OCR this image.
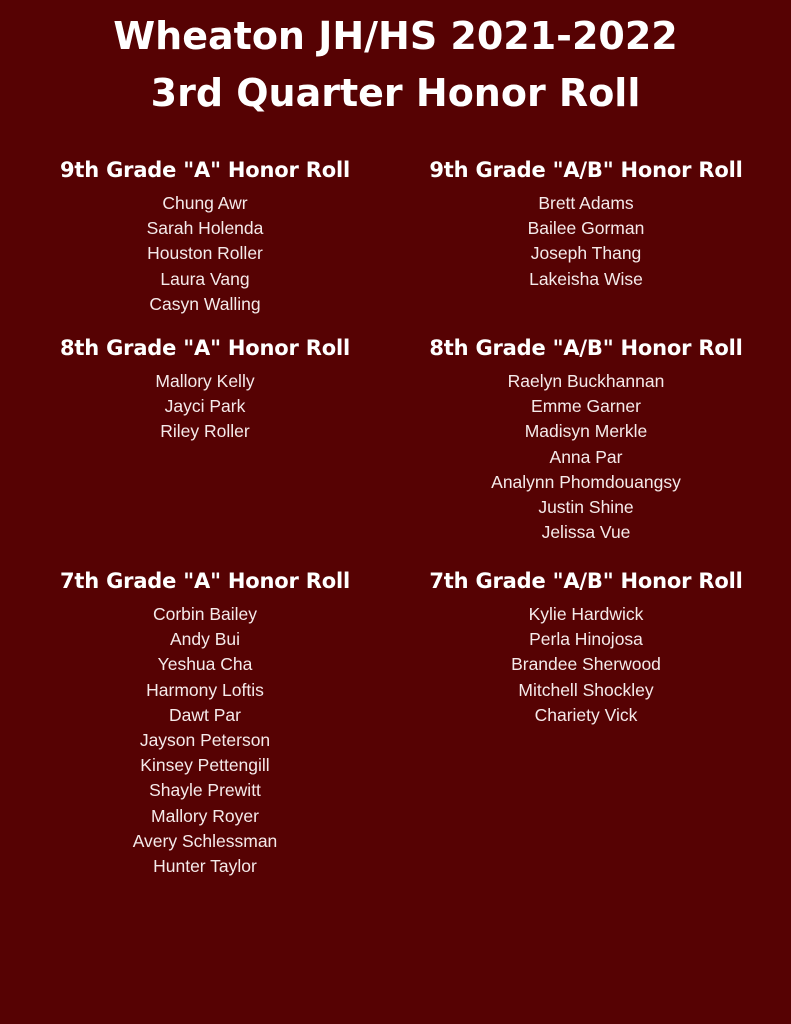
Wheaton JH/HS 2021-2022
3rd Quarter Honor Roll
9th Grade "A" Honor Roll
Chung Awr
Sarah Holenda
Houston Roller
Laura Vang
Casyn Walling
9th Grade "A/B" Honor Roll
Brett Adams
Bailee Gorman
Joseph Thang
Lakeisha Wise
8th Grade "A" Honor Roll
Mallory Kelly
Jayci Park
Riley Roller
8th Grade "A/B" Honor Roll
Raelyn Buckhannan
Emme Garner
Madisyn Merkle
Anna Par
Analynn Phomdouangsy
Justin Shine
Jelissa Vue
7th Grade "A" Honor Roll
Corbin Bailey
Andy Bui
Yeshua Cha
Harmony Loftis
Dawt Par
Jayson Peterson
Kinsey Pettengill
Shayle Prewitt
Mallory Royer
Avery Schlessman
Hunter Taylor
7th Grade "A/B" Honor Roll
Kylie Hardwick
Perla Hinojosa
Brandee Sherwood
Mitchell Shockley
Chariety Vick
